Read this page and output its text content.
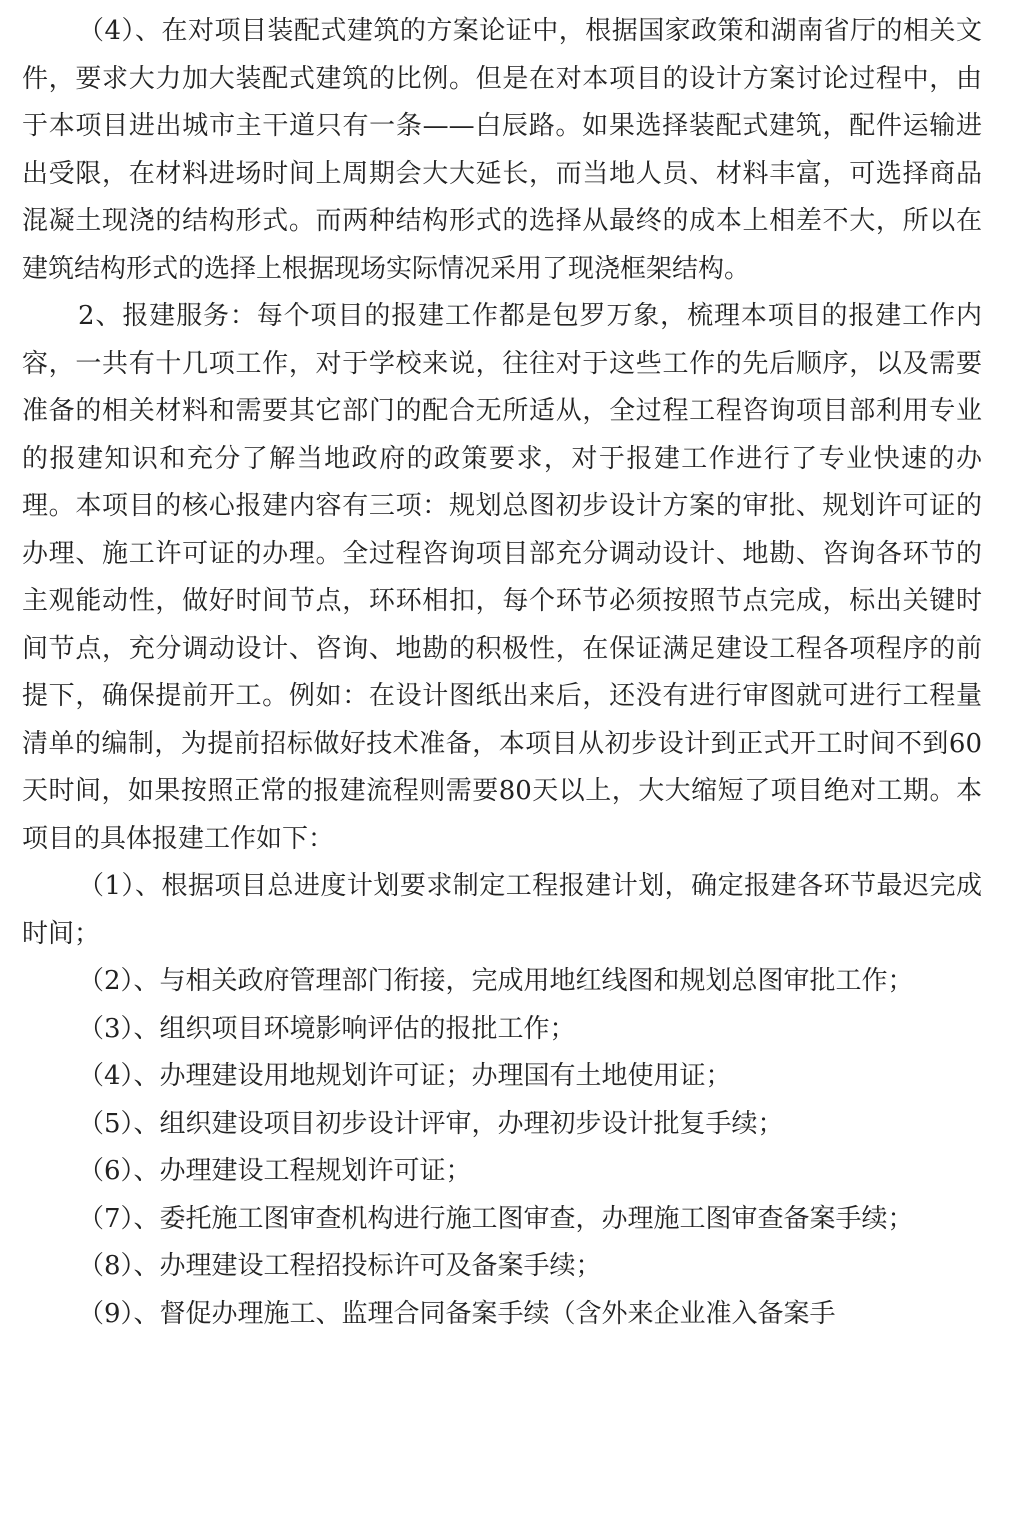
（4）、在对项目装配式建筑的方案论证中，根据国家政策和湖南省厅的相关文件，要求大力加大装配式建筑的比例。但是在对本项目的设计方案讨论过程中，由于本项目进出城市主干道只有一条——白辰路。如果选择装配式建筑，配件运输进出受限，在材料进场时间上周期会大大延长，而当地人员、材料丰富，可选择商品混凝土现浇的结构形式。而两种结构形式的选择从最终的成本上相差不大，所以在建筑结构形式的选择上根据现场实际情况采用了现浇框架结构。

2、报建服务：每个项目的报建工作都是包罗万象，梳理本项目的报建工作内容，一共有十几项工作，对于学校来说，往往对于这些工作的先后顺序，以及需要准备的相关材料和需要其它部门的配合无所适从，全过程工程咨询项目部利用专业的报建知识和充分了解当地政府的政策要求，对于报建工作进行了专业快速的办理。本项目的核心报建内容有三项：规划总图初步设计方案的审批、规划许可证的办理、施工许可证的办理。全过程咨询项目部充分调动设计、地勘、咨询各环节的主观能动性，做好时间节点，环环相扣，每个环节必须按照节点完成，标出关键时间节点，充分调动设计、咨询、地勘的积极性，在保证满足建设工程各项程序的前提下，确保提前开工。例如：在设计图纸出来后，还没有进行审图就可进行工程量清单的编制，为提前招标做好技术准备，本项目从初步设计到正式开工时间不到60天时间，如果按照正常的报建流程则需要80天以上，大大缩短了项目绝对工期。本项目的具体报建工作如下：

（1）、根据项目总进度计划要求制定工程报建计划，确定报建各环节最迟完成时间；

（2）、与相关政府管理部门衔接，完成用地红线图和规划总图审批工作；

（3）、组织项目环境影响评估的报批工作；

（4）、办理建设用地规划许可证；办理国有土地使用证；

（5）、组织建设项目初步设计评审，办理初步设计批复手续；

（6）、办理建设工程规划许可证；

（7）、委托施工图审查机构进行施工图审查，办理施工图审查备案手续；

（8）、办理建设工程招投标许可及备案手续；

（9）、督促办理施工、监理合同备案手续（含外来企业准入备案手
